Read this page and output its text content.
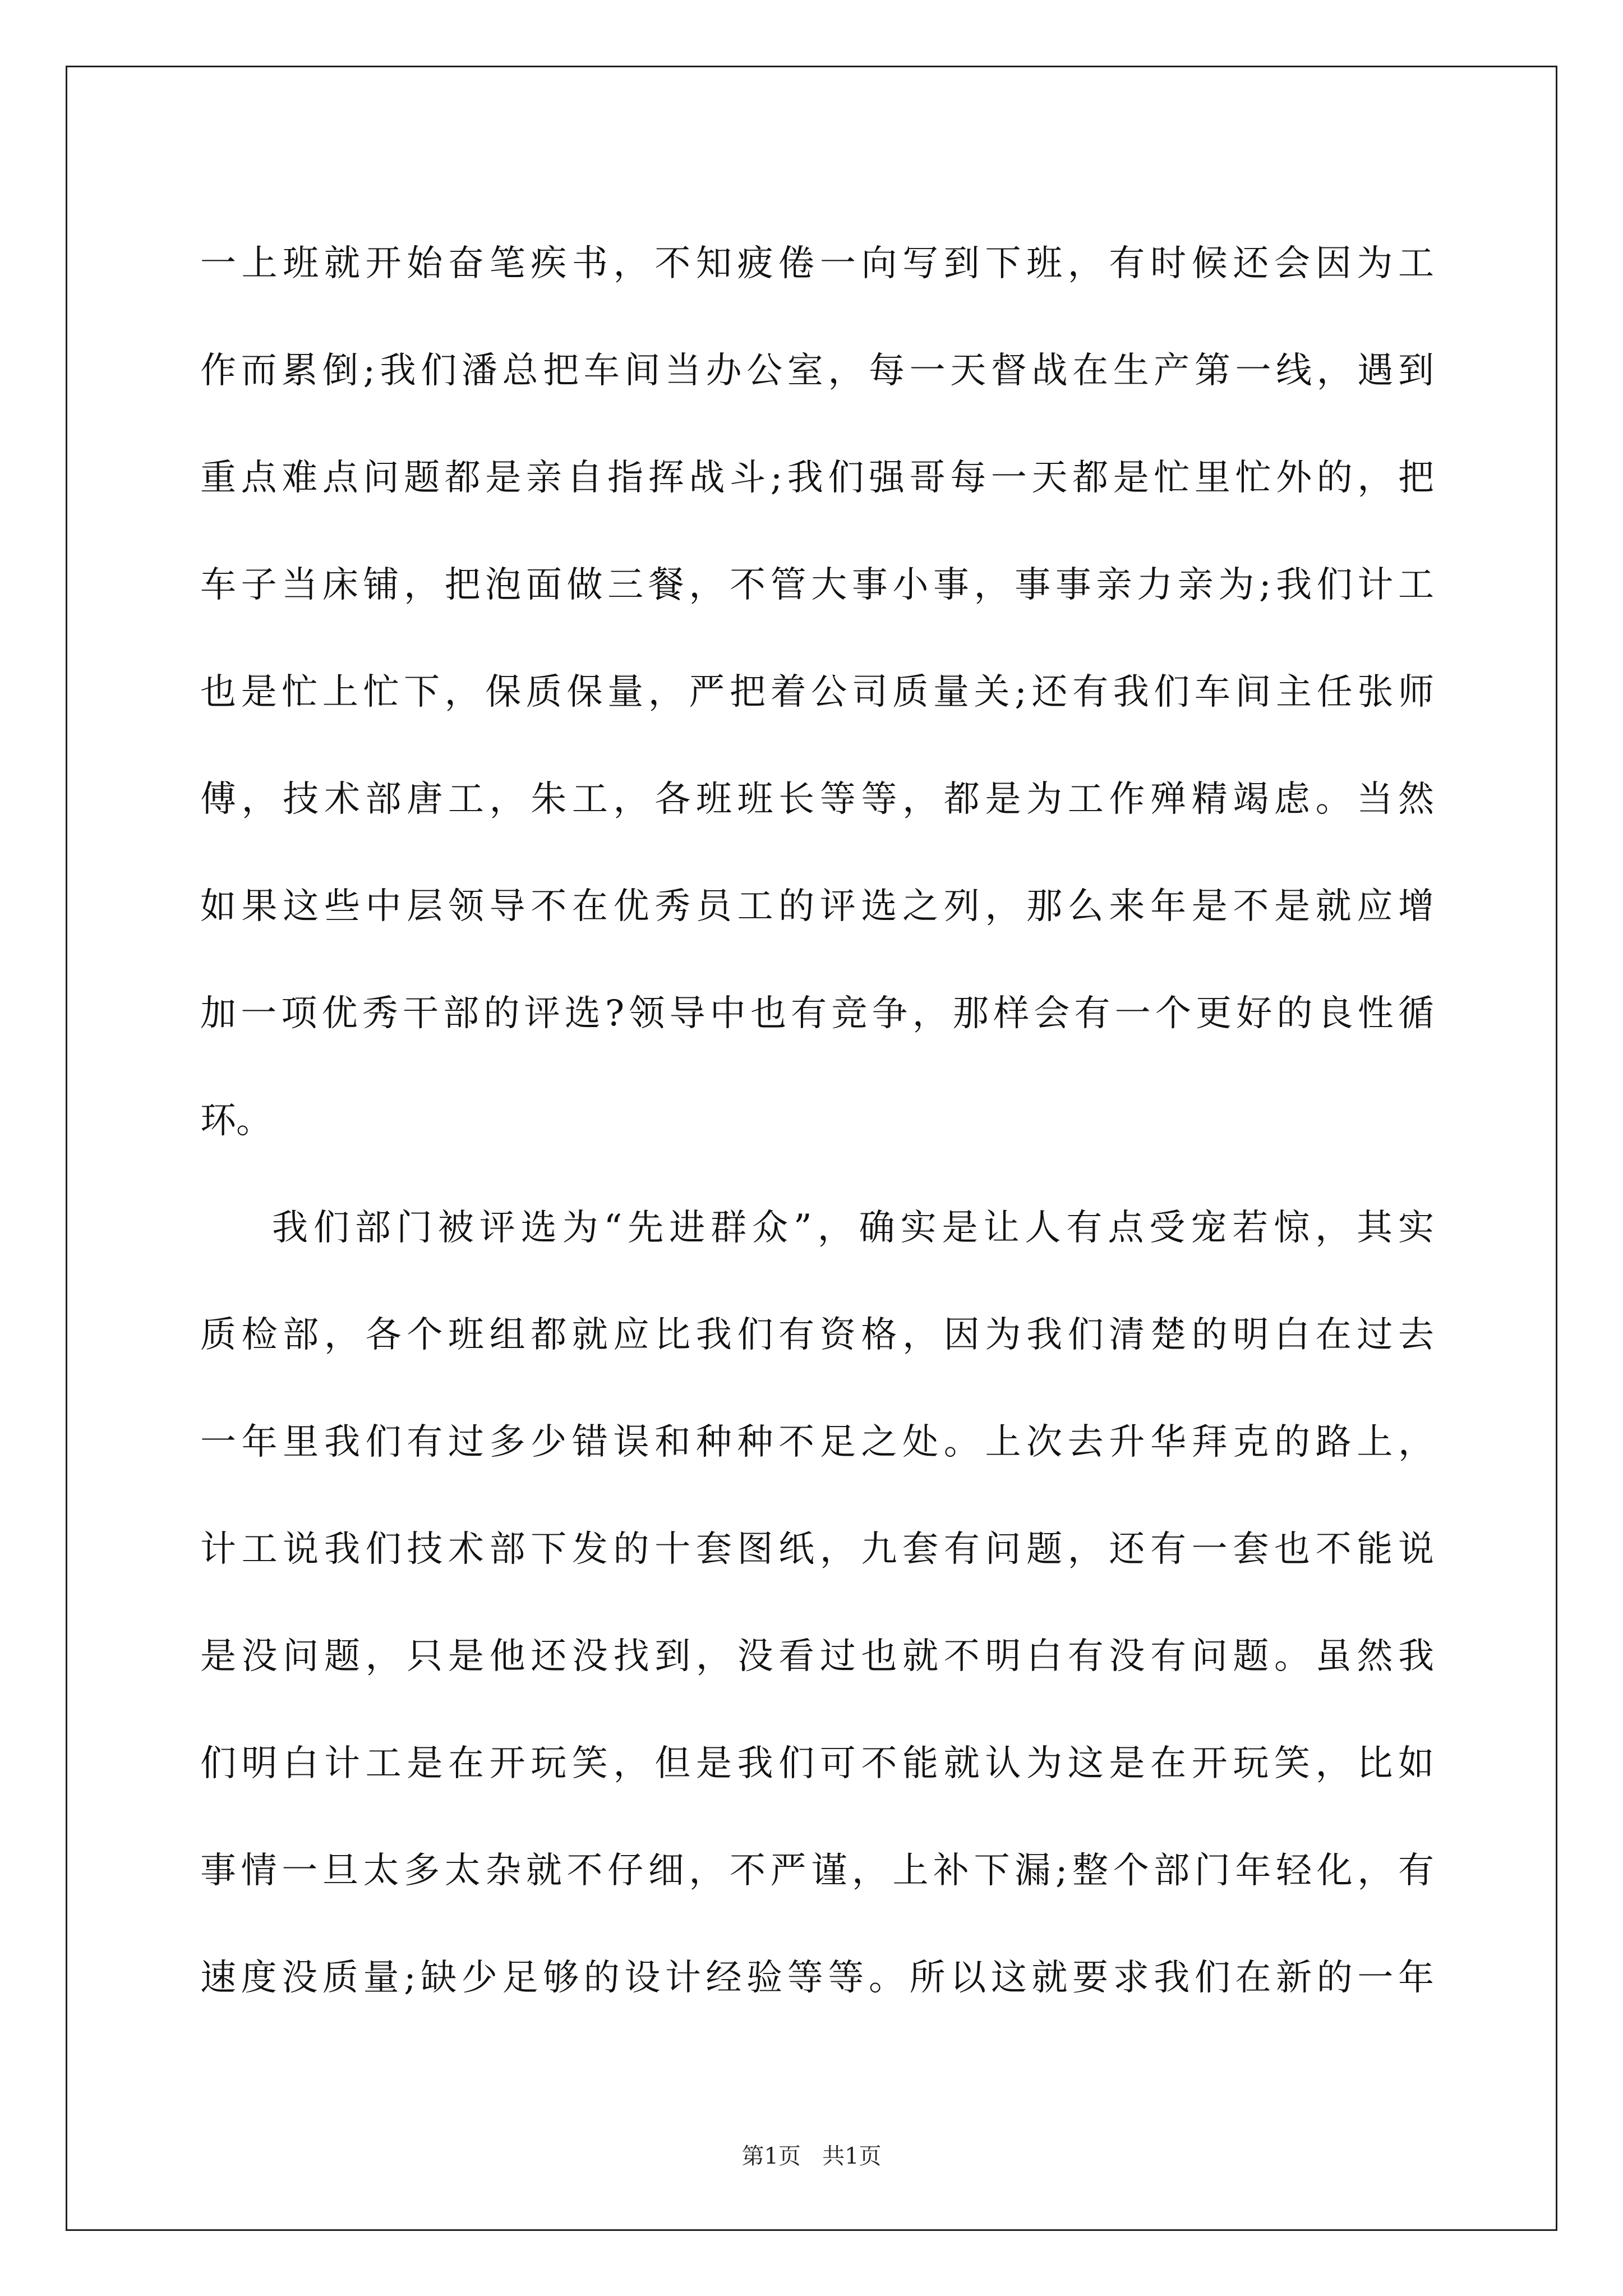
一上班就开始奋笔疾书，不知疲倦一向写到下班，有时候还会因为工
作而累倒;我们潘总把车间当办公室，每一天督战在生产第一线，遇到
重点难点问题都是亲自指挥战斗;我们强哥每一天都是忙里忙外的，把
车子当床铺，把泡面做三餐，不管大事小事，事事亲力亲为;我们计工
也是忙上忙下，保质保量，严把着公司质量关;还有我们车间主任张师
傅，技术部唐工，朱工，各班班长等等，都是为工作殚精竭虑。当然
如果这些中层领导不在优秀员工的评选之列，那么来年是不是就应增
加一项优秀干部的评选?领导中也有竞争，那样会有一个更好的良性循
环。
我们部门被评选为“先进群众”，确实是让人有点受宠若惊，其实
质检部，各个班组都就应比我们有资格，因为我们清楚的明白在过去
一年里我们有过多少错误和种种不足之处。上次去升华拜克的路上，
计工说我们技术部下发的十套图纸，九套有问题，还有一套也不能说
是没问题，只是他还没找到，没看过也就不明白有没有问题。虽然我
们明白计工是在开玩笑，但是我们可不能就认为这是在开玩笑，比如
事情一旦太多太杂就不仔细，不严谨，上补下漏;整个部门年轻化，有
速度没质量;缺少足够的设计经验等等。所以这就要求我们在新的一年
第1页 共1页
